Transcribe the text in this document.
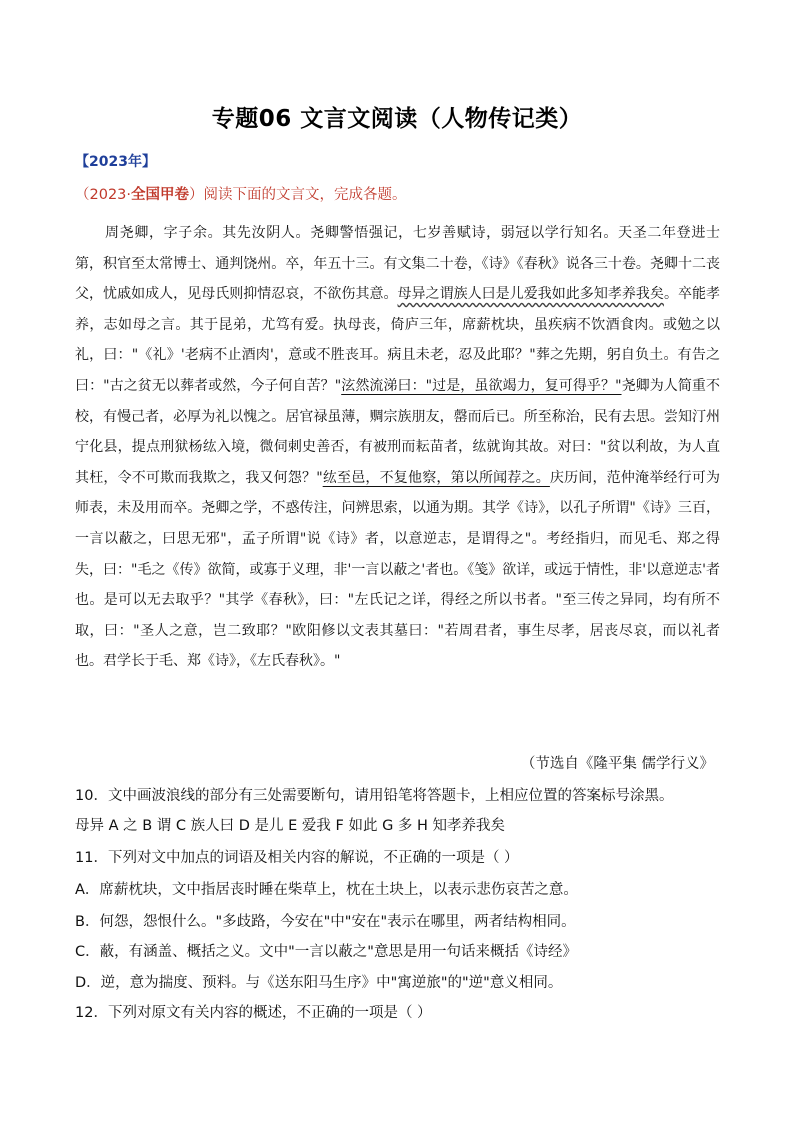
专题06 文言文阅读（人物传记类）
【2023年】
（2023·全国甲卷）阅读下面的文言文，完成各题。
周尧卿，字子余。其先汝阴人。尧卿警悟强记，七岁善赋诗，弱冠以学行知名。天圣二年登进士第，积官至太常博士、通判饶州。卒，年五十三。有文集二十卷，《诗》《春秋》说各三十卷。尧卿十二丧父，忧戚如成人，见母氏则抑情忍哀，不欲伤其意。母异之谓族人曰是儿爱我如此多知孝养我矣。卒能孝养，志如母之言。其于昆弟，尤笃有爱。执母丧，倚庐三年，席薪枕块，虽疾病不饮酒食肉。或勉之以礼，曰："《礼》'老病不止酒肉'，意或不胜丧耳。病且未老，忍及此耶？"葬之先期，躬自负土。有告之曰："古之贫无以葬者或然，今子何自苦？"泫然流涕曰："过是，虽欲竭力，复可得乎？"尧卿为人简重不校，有慢己者，必厚为礼以愧之。居官禄虽薄，赒宗族朋友，罄而后已。所至称治，民有去思。尝知汀州宁化县，提点刑狱杨纮入境，微伺刺史善否，有被刑而耘苗者，纮就询其故。对曰："贫以利故，为人直其枉，令不可欺而我欺之，我又何怨？"纮至邑，不复他察，第以所闻荐之。庆历间，范仲淹举经行可为师表，未及用而卒。尧卿之学，不惑传注，问辨思索，以通为期。其学《诗》，以孔子所谓"《诗》三百，一言以蔽之，曰思无邪"，孟子所谓"说《诗》者，以意逆志，是谓得之"。考经指归，而见毛、郑之得失，曰："毛之《传》欲简，或寡于义理，非'一言以蔽之'者也。《笺》欲详，或远于情性，非'以意逆志'者也。是可以无去取乎？"其学《春秋》，曰："左氏记之详，得经之所以书者。"至三传之异同，均有所不取，曰："圣人之意，岂二致耶？"欧阳修以文表其墓曰："若周君者，事生尽孝，居丧尽哀，而以礼者也。君学长于毛、郑《诗》，《左氏春秋》。"
（节选自《隆平集 儒学行义》
10．文中画波浪线的部分有三处需要断句，请用铅笔将答题卡，上相应位置的答案标号涂黑。
母异 A 之 B 谓 C 族人曰 D 是儿 E 爱我 F 如此 G 多 H 知孝养我矣
11．下列对文中加点的词语及相关内容的解说，不正确的一项是（ ）
A．席薪枕块，文中指居丧时睡在柴草上，枕在土块上，以表示悲伤哀苦之意。
B．何怨，怨恨什么。"多歧路，今安在"中"安在"表示在哪里，两者结构相同。
C．蔽，有涵盖、概括之义。文中"一言以蔽之"意思是用一句话来概括《诗经》
D．逆，意为揣度、预料。与《送东阳马生序》中"寓逆旅"的"逆"意义相同。
12．下列对原文有关内容的概述，不正确的一项是（ ）
